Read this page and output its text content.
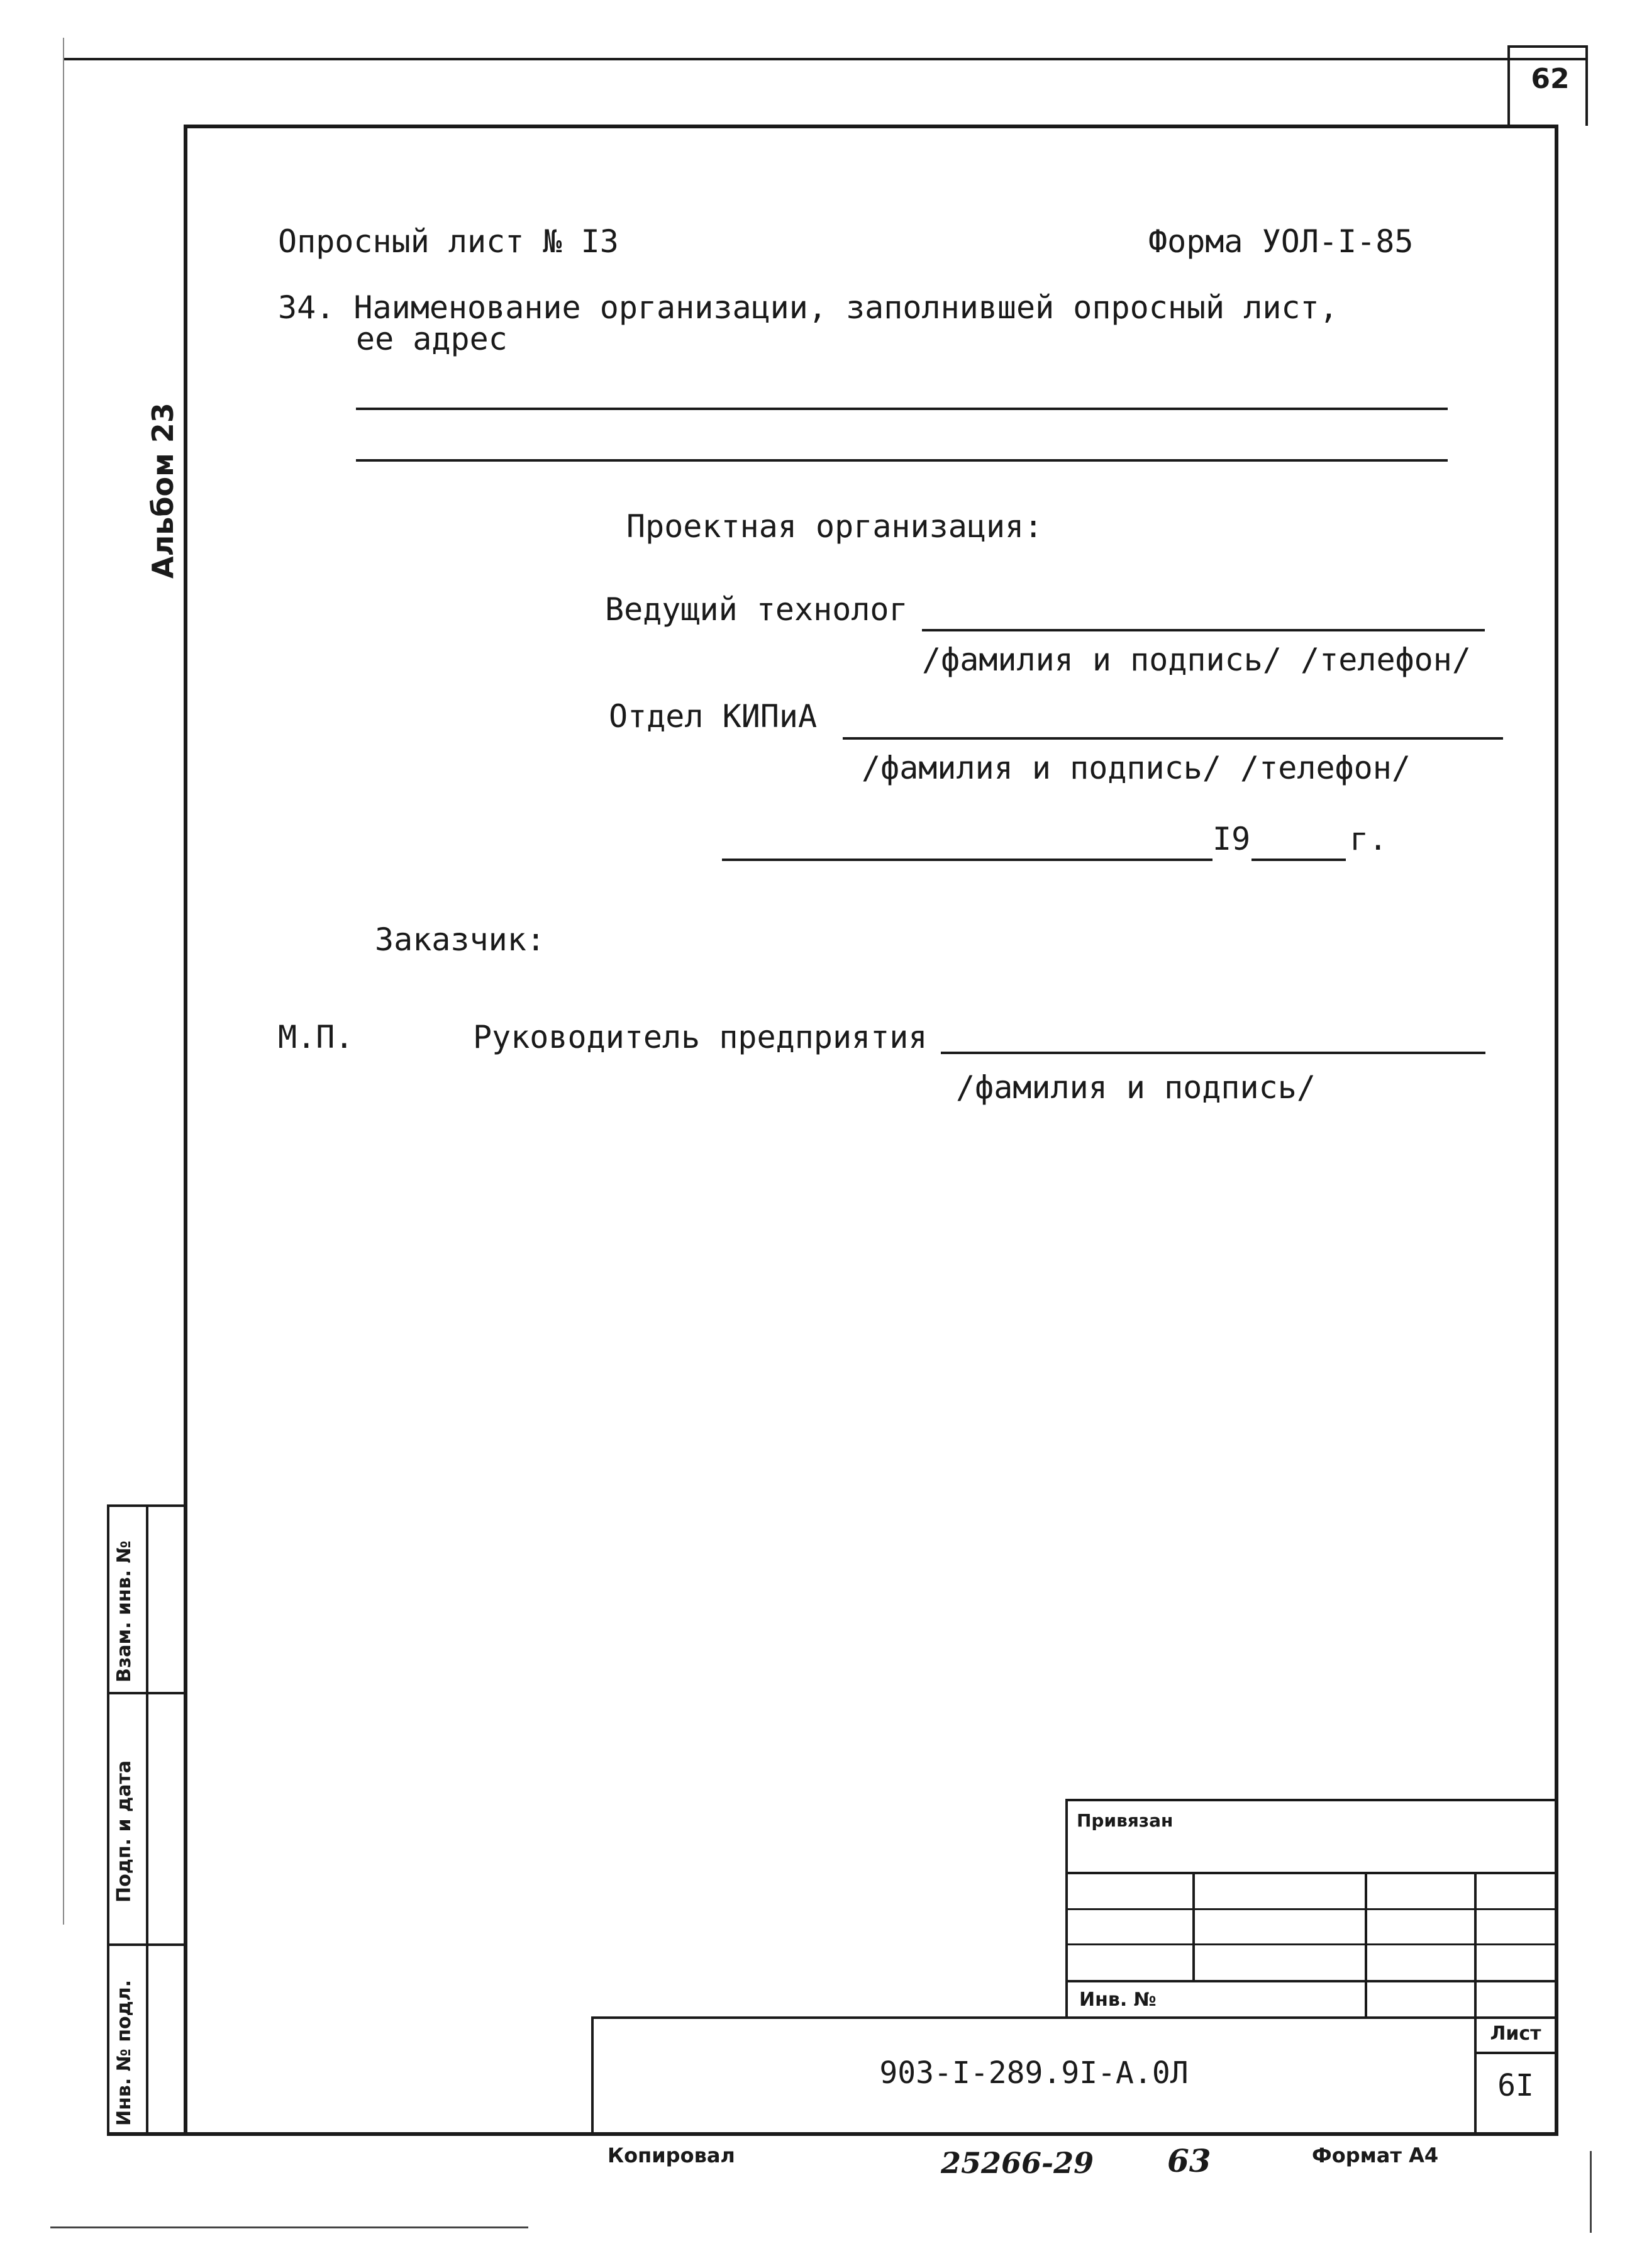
62
Альбом 23
Опросный лист № I3	Форма УОЛ-I-85
34. Наименование организации, заполнившей опросный лист,
ее адрес
Проектная организация:
Ведущий технолог
/фамилия и подпись/ /телефон/
Отдел КИПиА
/фамилия и подпись/ /телефон/
I9	г.
Заказчик:
М.П.	Руководитель предприятия
/фамилия и подпись/
Взам. инв. №
Подп. и дата
Инв. № подл.
Привязан
Инв. №
903-I-289.9I-А.0Л
Лист
6I
Копировал	25266-29 63	Формат А4
